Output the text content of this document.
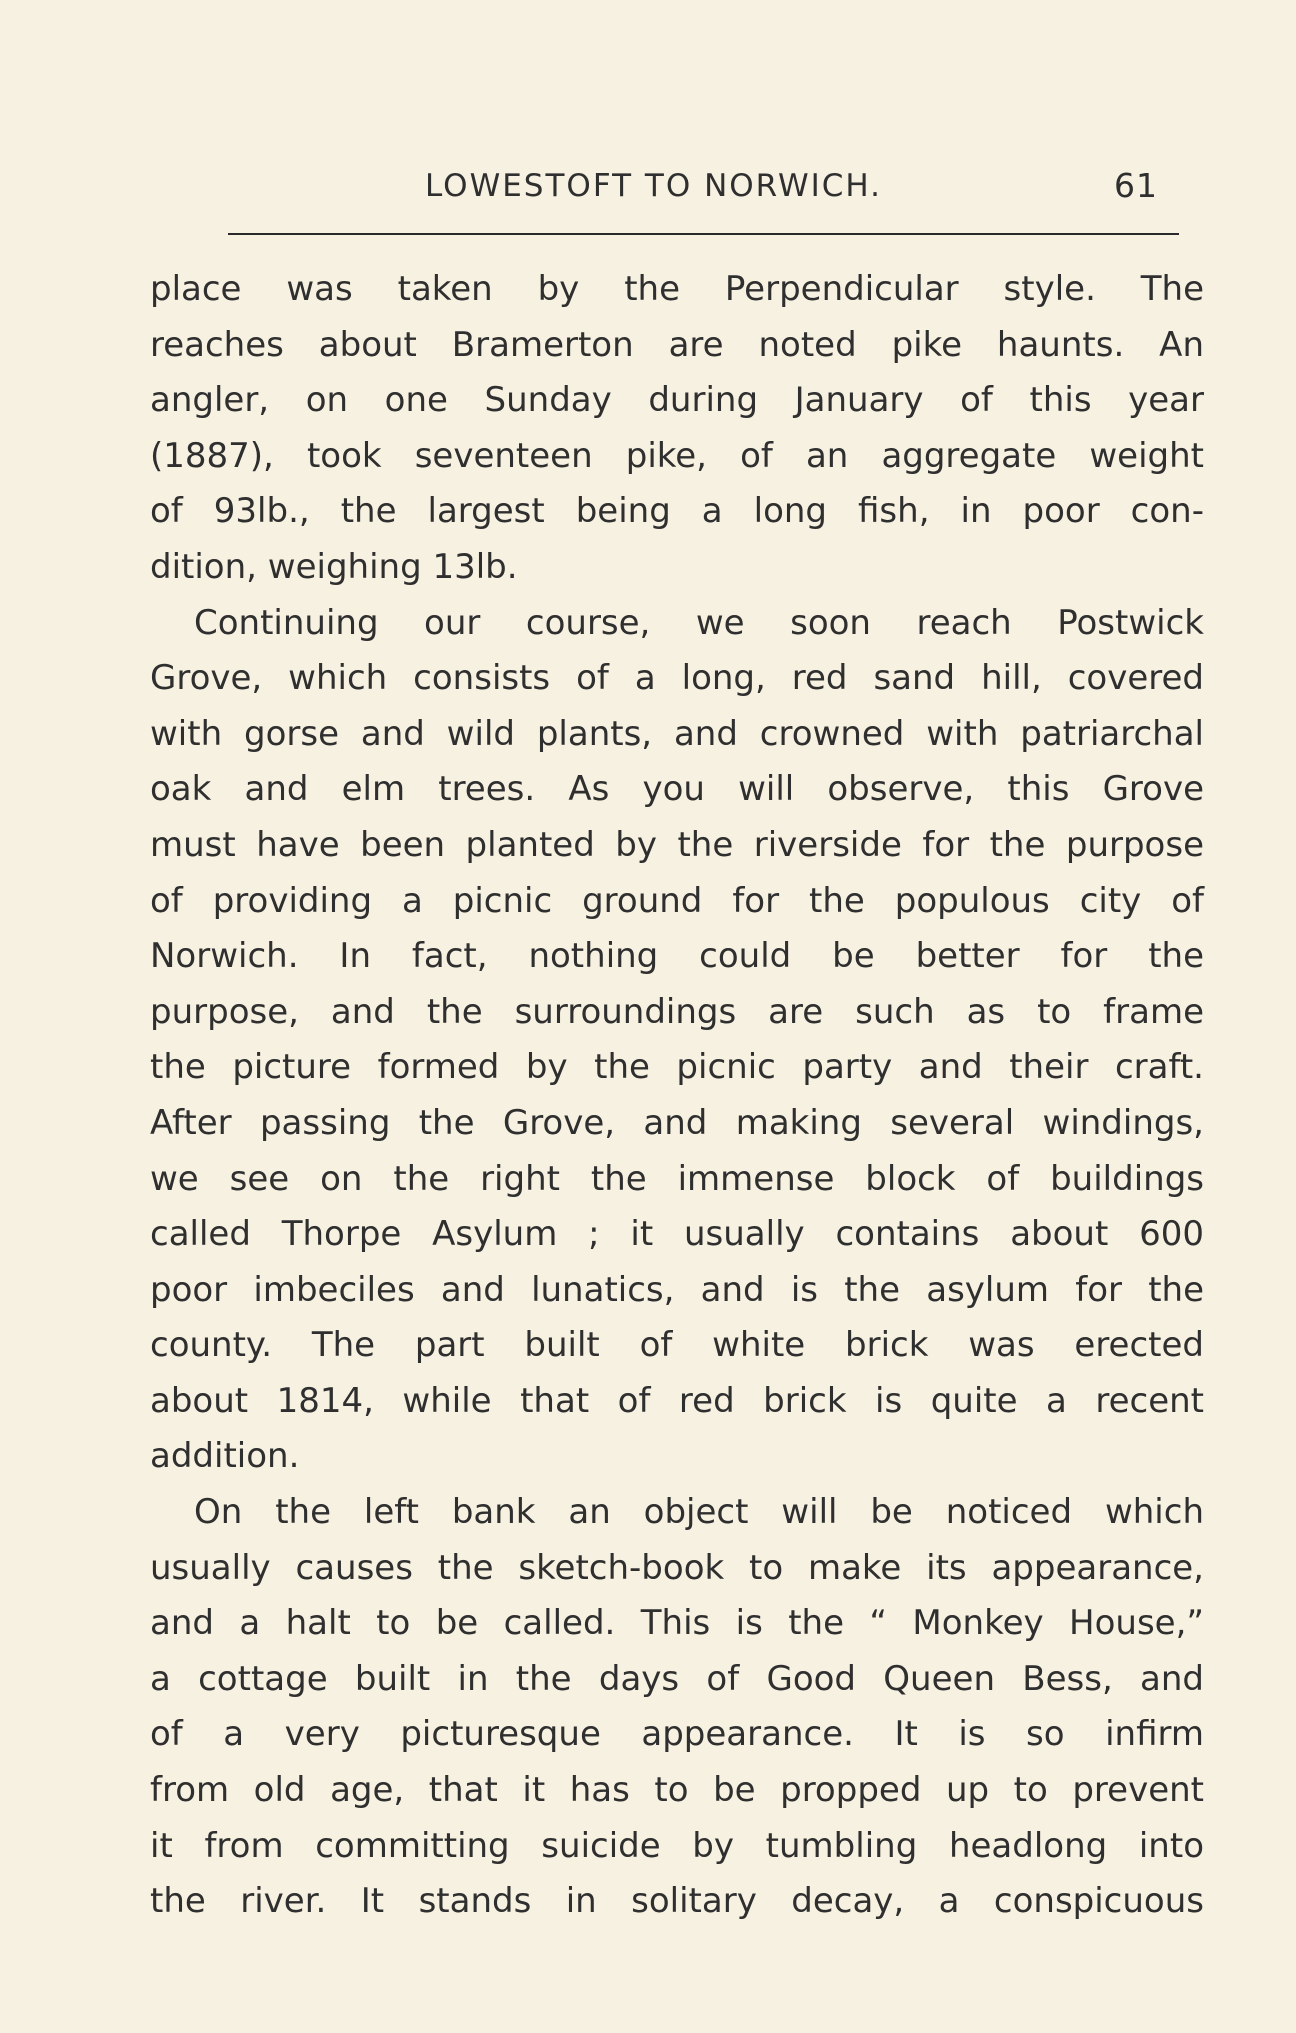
LOWESTOFT TO NORWICH.	61
place was taken by the Perpendicular style. The
reaches about Bramerton are noted pike haunts. An
angler, on one Sunday during January of this year
(1887), took seventeen pike, of an aggregate weight
of 93lb., the largest being a long fish, in poor con-
dition, weighing 13lb.
Continuing our course, we soon reach Postwick
Grove, which consists of a long, red sand hill, covered
with gorse and wild plants, and crowned with patriarchal
oak and elm trees. As you will observe, this Grove
must have been planted by the riverside for the purpose
of providing a picnic ground for the populous city of
Norwich. In fact, nothing could be better for the
purpose, and the surroundings are such as to frame
the picture formed by the picnic party and their craft.
After passing the Grove, and making several windings,
we see on the right the immense block of buildings
called Thorpe Asylum ; it usually contains about 600
poor imbeciles and lunatics, and is the asylum for the
county. The part built of white brick was erected
about 1814, while that of red brick is quite a recent
addition.
On the left bank an object will be noticed which
usually causes the sketch-book to make its appearance,
and a halt to be called. This is the “ Monkey House,”
a cottage built in the days of Good Queen Bess, and
of a very picturesque appearance. It is so infirm
from old age, that it has to be propped up to prevent
it from committing suicide by tumbling headlong into
the river. It stands in solitary decay, a conspicuous
